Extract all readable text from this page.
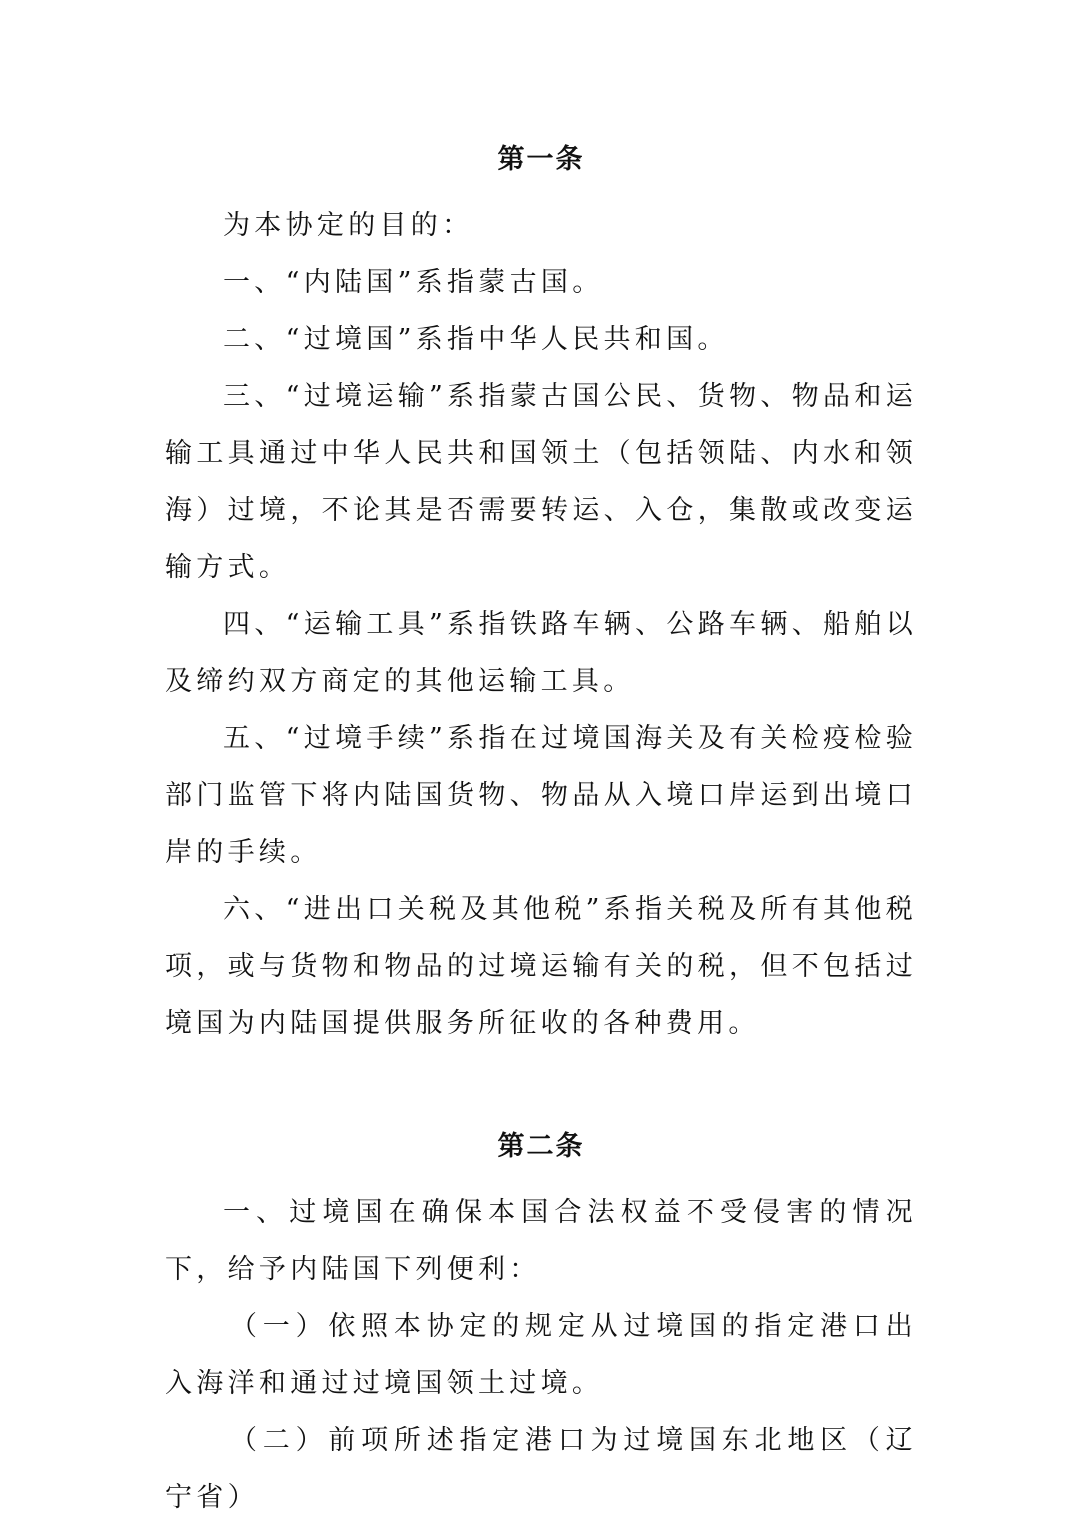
第一条

为本协定的目的：

一、“内陆国”系指蒙古国。

二、“过境国”系指中华人民共和国。

三、“过境运输”系指蒙古国公民、货物、物品和运输工具通过中华人民共和国领土（包括领陆、内水和领海）过境，不论其是否需要转运、入仓，集散或改变运输方式。

四、“运输工具”系指铁路车辆、公路车辆、船舶以及缔约双方商定的其他运输工具。

五、“过境手续”系指在过境国海关及有关检疫检验部门监管下将内陆国货物、物品从入境口岸运到出境口岸的手续。

六、“进出口关税及其他税”系指关税及所有其他税项，或与货物和物品的过境运输有关的税，但不包括过境国为内陆国提供服务所征收的各种费用。

第二条

一、过境国在确保本国合法权益不受侵害的情况下，给予内陆国下列便利：

（一）依照本协定的规定从过境国的指定港口出入海洋和通过过境国领土过境。

（二）前项所述指定港口为过境国东北地区（辽宁省）
